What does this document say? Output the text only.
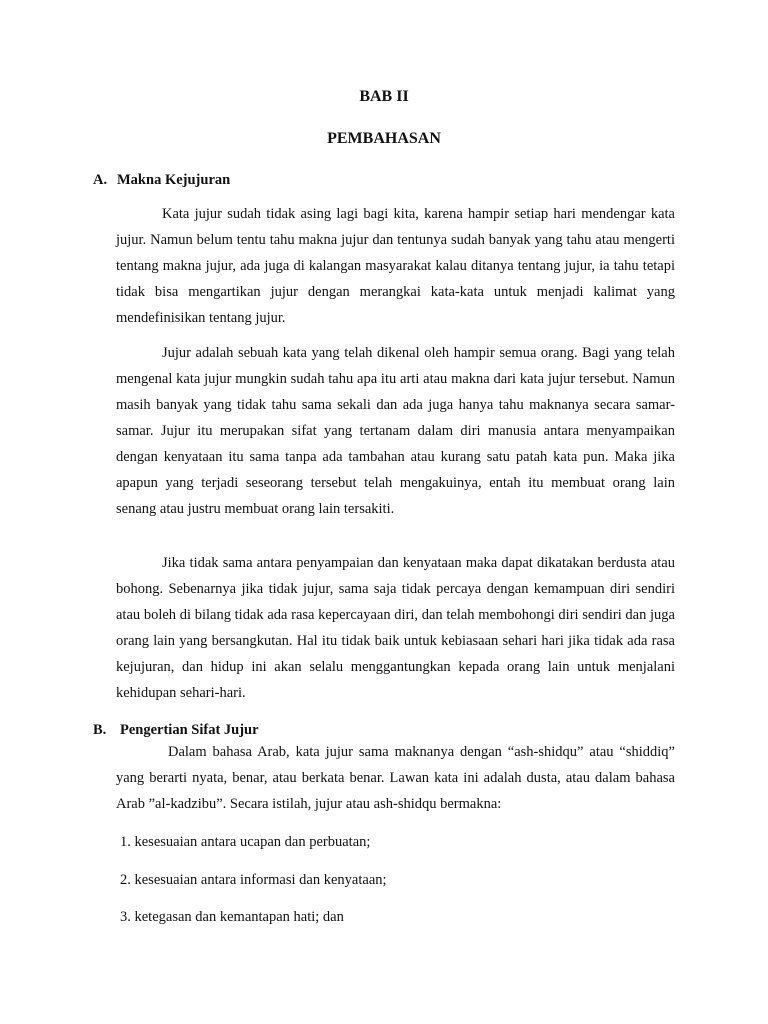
BAB II
PEMBAHASAN
A. Makna Kejujuran

Kata jujur sudah tidak asing lagi bagi kita, karena hampir setiap hari mendengar kata jujur. Namun belum tentu tahu makna jujur dan tentunya sudah banyak yang tahu atau mengerti tentang makna jujur, ada juga di kalangan masyarakat kalau ditanya tentang jujur, ia tahu tetapi tidak bisa mengartikan jujur dengan merangkai kata-kata untuk menjadi kalimat yang mendefinisikan tentang jujur.

Jujur adalah sebuah kata yang telah dikenal oleh hampir semua orang. Bagi yang telah mengenal kata jujur mungkin sudah tahu apa itu arti atau makna dari kata jujur tersebut. Namun masih banyak yang tidak tahu sama sekali dan ada juga hanya tahu maknanya secara samar-samar. Jujur itu merupakan sifat yang tertanam dalam diri manusia antara menyampaikan dengan kenyataan itu sama tanpa ada tambahan atau kurang satu patah kata pun. Maka jika apapun yang terjadi seseorang tersebut telah mengakuinya, entah itu membuat orang lain senang atau justru membuat orang lain tersakiti.

Jika tidak sama antara penyampaian dan kenyataan maka dapat dikatakan berdusta atau bohong. Sebenarnya jika tidak jujur, sama saja tidak percaya dengan kemampuan diri sendiri atau boleh di bilang tidak ada rasa kepercayaan diri, dan telah membohongi diri sendiri dan juga orang lain yang bersangkutan. Hal itu tidak baik untuk kebiasaan sehari hari jika tidak ada rasa kejujuran, dan hidup ini akan selalu menggantungkan kepada orang lain untuk menjalani kehidupan sehari-hari.

B. Pengertian Sifat Jujur

Dalam bahasa Arab, kata jujur sama maknanya dengan “ash-shidqu” atau “shiddiq” yang berarti nyata, benar, atau berkata benar. Lawan kata ini adalah dusta, atau dalam bahasa Arab ”al-kadzibu”. Secara istilah, jujur atau ash-shidqu bermakna:

1. kesesuaian antara ucapan dan perbuatan;

2. kesesuaian antara informasi dan kenyataan;

3. ketegasan dan kemantapan hati; dan
